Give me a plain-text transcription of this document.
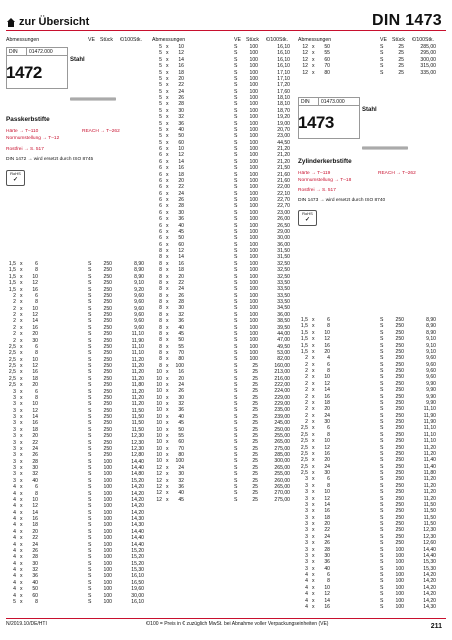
zur Übersicht	DIN 1473
Abmessungen	VE Stück €/100Stk. Abmessungen	VE Stück €/100Stk. Abmessungen	VE Stück €/100Stk.
DIN 01472.000
1472
Stahl
Passkerbstifte
Härte → T–110	REACH → T–262
Normumstellung → T–12
Rostfrei → S. 517
DIN 1472 → wird ersetzt durch ISO 8745
RoHS
✓
DIN 01473.000
1473
Stahl
Zylinderkerbstifte
Härte → T–119	REACH → T–262
Normumstellung → T–18
Rostfrei → S. 517
DIN 1473 → wird ersetzt durch ISO 8740
RoHS
✓
1,5 x	6	S	250	8,90
1,5 x	8	S	250	8,90
1,5 x	10	S	250	8,90
1,5 x	12	S	250	9,10
1,5 x	16	S	250	9,20
2 x	6	S	250	9,60
2 x	8	S	250	9,60
2 x	10	S	250	9,60
2 x	12	S	250	9,60
2 x	14	S	250	9,60
2 x	16	S	250	9,60
2 x	20	S	250	11,10
2 x	30	S	250	11,90
2,5 x	6	S	250	11,10
2,5 x	8	S	250	11,10
2,5 x	10	S	250	11,20
2,5 x	12	S	250	11,20
2,5 x	16	S	250	11,20
2,5 x	18	S	250	11,20
2,5 x	20	S	250	11,80
3 x	6	S	250	11,20
3 x	8	S	250	11,20
3 x	10	S	250	11,20
3 x	12	S	250	11,50
3 x	14	S	250	11,50
3 x	16	S	250	11,50
3 x	18	S	250	11,50
3 x	20	S	250	12,30
3 x	22	S	250	12,30
3 x	24	S	250	12,30
3 x	26	S	250	12,80
3 x	28	S	100	14,40
3 x	30	S	100	14,40
3 x	32	S	100	14,80
3 x	40	S	100	15,20
4 x	6	S	100	14,20
4 x	8	S	100	14,20
4 x	10	S	100	14,20
4 x	12	S	100	14,20
4 x	14	S	100	14,20
4 x	16	S	100	14,30
4 x	18	S	100	14,30
4 x	20	S	100	14,40
4 x	22	S	100	14,40
4 x	24	S	100	14,40
4 x	26	S	100	15,20
4 x	28	S	100	15,20
4 x	30	S	100	15,20
4 x	32	S	100	15,30
4 x	36	S	100	16,10
4 x	40	S	100	16,50
4 x	50	S	100	19,60
4 x	60	S	100	30,00
5 x	8	S	100	16,10
5 x	10	S	100	16,10
5 x	12	S	100	16,10
5 x	14	S	100	16,10
5 x	16	S	100	16,10
5 x	18	S	100	17,10
5 x	20	S	100	17,10
5 x	22	S	100	17,20
5 x	24	S	100	17,60
5 x	26	S	100	18,10
5 x	28	S	100	18,10
5 x	30	S	100	18,70
5 x	32	S	100	19,20
5 x	36	S	100	19,00
5 x	40	S	100	20,70
5 x	50	S	100	23,00
5 x	60	S	100	44,50
6 x	10	S	100	21,20
6 x	12	S	100	21,20
6 x	14	S	100	21,20
6 x	16	S	100	21,50
6 x	18	S	100	21,60
6 x	20	S	100	21,60
6 x	22	S	100	22,00
6 x	24	S	100	22,10
6 x	26	S	100	22,70
6 x	28	S	100	22,70
6 x	30	S	100	23,00
6 x	36	S	100	26,00
6 x	40	S	100	26,50
6 x	45	S	100	29,00
6 x	50	S	100	30,00
6 x	60	S	100	36,00
8 x	12	S	100	31,50
8 x	14	S	100	31,50
8 x	16	S	100	32,50
8 x	18	S	100	32,50
8 x	20	S	100	32,50
8 x	22	S	100	33,50
8 x	24	S	100	33,50
8 x	26	S	100	33,50
8 x	28	S	100	33,50
8 x	30	S	100	34,50
8 x	32	S	100	36,00
8 x	36	S	100	38,50
8 x	40	S	100	39,50
8 x	45	S	100	44,00
8 x	50	S	100	47,00
8 x	55	S	100	49,50
8 x	70	S	100	53,00
8 x	80	S	100	82,00
8 x	100	S	25	160,00
10 x	16	S	25	213,00
10 x	20	S	25	216,00
10 x	24	S	25	222,00
10 x	26	S	25	224,00
10 x	30	S	25	229,00
10 x	32	S	25	229,00
10 x	36	S	25	235,00
10 x	40	S	25	239,00
10 x	45	S	25	245,00
10 x	50	S	25	250,00
10 x	55	S	25	255,00
10 x	60	S	25	265,00
10 x	70	S	25	275,00
10 x	80	S	25	285,00
10 x	100	S	25	300,00
12 x	24	S	25	265,00
12 x	30	S	25	255,00
12 x	32	S	25	260,00
12 x	36	S	25	265,00
12 x	40	S	25	270,00
12 x	45	S	25	275,00
12 x	50	S	25	285,00
12 x	55	S	25	295,00
12 x	60	S	25	300,00
12 x	70	S	25	315,00
12 x	80	S	25	335,00
1,5 x	6	S	250	8,90
1,5 x	8	S	250	8,90
1,5 x	10	S	250	8,90
1,5 x	12	S	250	9,10
1,5 x	16	S	250	9,10
1,5 x	20	S	250	9,10
2 x	4	S	250	9,60
2 x	6	S	250	9,60
2 x	8	S	250	9,60
2 x	10	S	250	9,60
2 x	12	S	250	9,90
2 x	14	S	250	9,90
2 x	16	S	250	9,90
2 x	18	S	250	9,90
2 x	20	S	250	11,10
2 x	24	S	250	11,90
2 x	30	S	250	11,90
2,5 x	6	S	250	11,10
2,5 x	8	S	250	11,10
2,5 x	10	S	250	11,10
2,5 x	12	S	250	11,20
2,5 x	16	S	250	11,20
2,5 x	20	S	250	11,40
2,5 x	24	S	250	11,40
2,5 x	30	S	250	11,80
3 x	6	S	250	11,20
3 x	8	S	250	11,20
3 x	10	S	250	11,20
3 x	12	S	250	11,20
3 x	14	S	250	11,50
3 x	16	S	250	11,50
3 x	18	S	250	11,50
3 x	20	S	250	11,50
3 x	22	S	250	12,30
3 x	24	S	250	12,30
3 x	26	S	250	12,60
3 x	28	S	100	14,40
3 x	30	S	100	14,40
3 x	36	S	100	15,30
3 x	40	S	100	15,30
4 x	6	S	100	14,20
4 x	8	S	100	14,20
4 x	10	S	100	14,20
4 x	12	S	100	14,20
4 x	14	S	100	14,20
4 x	16	S	100	14,30
N/2019.10/DE/HTI	€/100 = Preis in € zuzüglich MwSt. bei Abnahme voller Verpackungseinheiten (VE)	211
